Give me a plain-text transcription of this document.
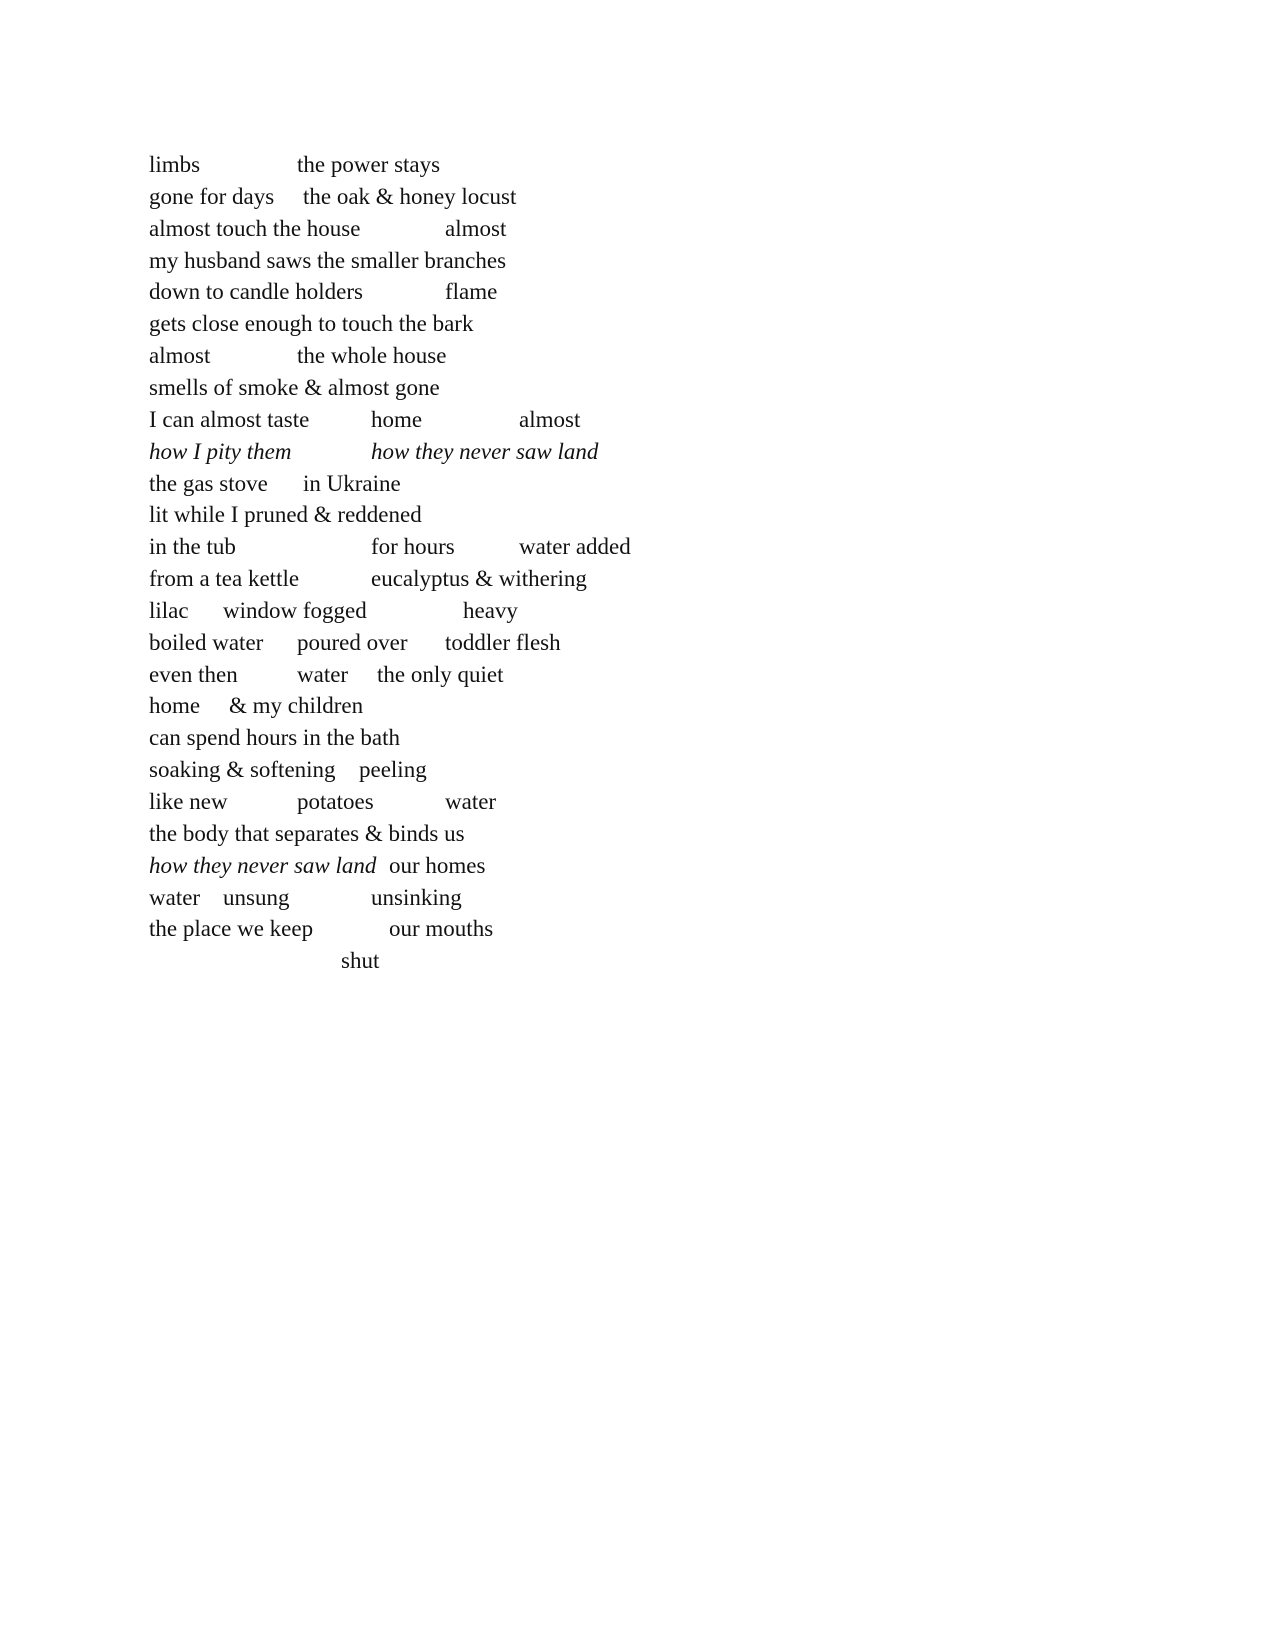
limbs	the power stays
gone for days the oak & honey locust
almost touch the house	almost
my husband saws the smaller branches
down to candle holders	flame
gets close enough to touch the bark
almost	the whole house
smells of smoke & almost gone
I can almost taste	home	almost
how I pity them	how they never saw land
the gas stove in Ukraine
lit while I pruned & reddened
in the tub	for hours	water added
from a tea kettle	eucalyptus & withering
lilac window fogged	heavy
boiled water poured over toddler flesh
even then	water the only quiet
home & my children
can spend hours in the bath
soaking & softening peeling
like new	potatoes	water
the body that separates & binds us
how they never saw land our homes
water unsung	unsinking
the place we keep	our mouths
shut
